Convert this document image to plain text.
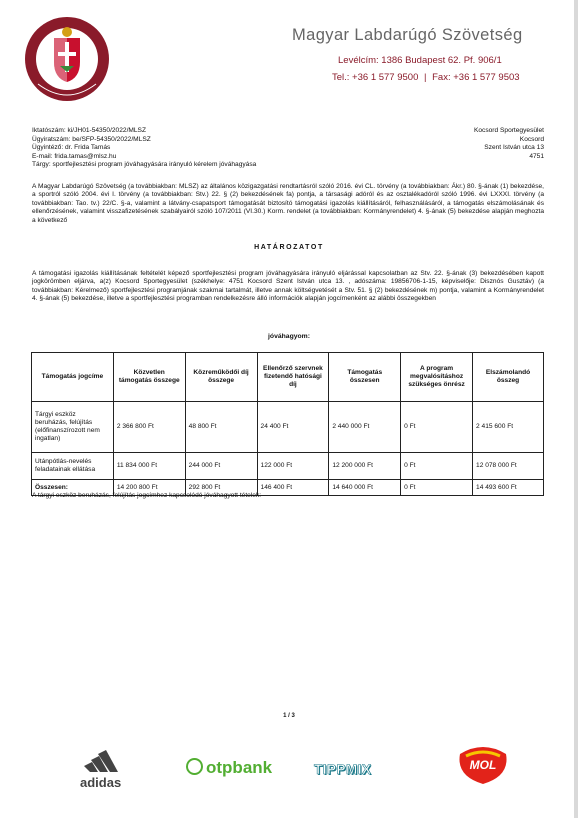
Magyar Labdarúgó Szövetség
Levélcím: 1386 Budapest 62. Pf. 906/1
Tel.: +36 1 577 9500 | Fax: +36 1 577 9503
Iktatószám: ki/JH01-54350/2022/MLSZ
Ügyiratszám: be/SFP-54350/2022/MLSZ
Ügyintéző: dr. Frida Tamás
E-mail: frida.tamas@mlsz.hu
Tárgy: sportfejlesztési program jóváhagyására irányuló kérelem jóváhagyása
Kocsord Sportegyesület
Kocsord
Szent István utca 13
4751
A Magyar Labdarúgó Szövetség (a továbbiakban: MLSZ) az általános közigazgatási rendtartásról szóló 2016. évi CL. törvény (a továbbiakban: Ákr.) 80. §-ának (1) bekezdése, a sportról szóló 2004. évi I. törvény (a továbbiakban: Stv.) 22. § (2) bekezdésének fa) pontja, a társasági adóról és az osztalékadóról szóló 1996. évi LXXXI. törvény (a továbbiakban: Tao. tv.) 22/C. §-a, valamint a látvány-csapatsport támogatását biztosító támogatási igazolás kiállításáról, felhasználásáról, a támogatás elszámolásának és ellenőrzésének, valamint visszafizetésének szabályairól szóló 107/2011 (VI.30.) Korm. rendelet (a továbbiakban: Kormányrendelet) 4. §-ának (5) bekezdése alapján meghozta a következő
HATÁROZATOT
A támogatási igazolás kiállításának feltételét képező sportfejlesztési program jóváhagyására irányuló eljárással kapcsolatban az Stv. 22. §-ának (3) bekezdésében kapott jogkörömben eljárva, a(z) Kocsord Sportegyesület (székhelye: 4751 Kocsord Szent István utca 13. , adószáma: 19856706-1-15, képviselője: Disznós Gusztáv) (a továbbiakban: Kérelmező) sportfejlesztési programjának szakmai tartalmát, illetve annak költségvetését a Stv. 51. § (2) bekezdésének m) pontja, valamint a Kormányrendelet 4. §-ának (5) bekezdése, illetve a sportfejlesztési programban rendelkezésre álló információk alapján jogcímenként az alábbi összegekben
jóváhagyom:
Támogatás jogcíme	Közvetlen támogatás összege	Közreműködői díj összege	Ellenőrző szervnek fizetendő hatósági díj	Támogatás összesen	A program megvalósításhoz szükséges önrész	Elszámolandó összeg
Tárgyi eszköz beruházás, felújítás (előfinanszírozott nem ingatlan)	2 366 800 Ft	48 800 Ft	24 400 Ft	2 440 000 Ft	0 Ft	2 415 600 Ft
Utánpótlás-nevelés feladatainak ellátása	11 834 000 Ft	244 000 Ft	122 000 Ft	12 200 000 Ft	0 Ft	12 078 000 Ft
Összesen:	14 200 800 Ft	292 800 Ft	146 400 Ft	14 640 000 Ft	0 Ft	14 493 600 Ft
A tárgyi eszköz beruházás, felújítás jogcímhez kapcsolódó jóváhagyott tételek:
1 / 3
adidas
otpbank	TIPPMIX	MOL
